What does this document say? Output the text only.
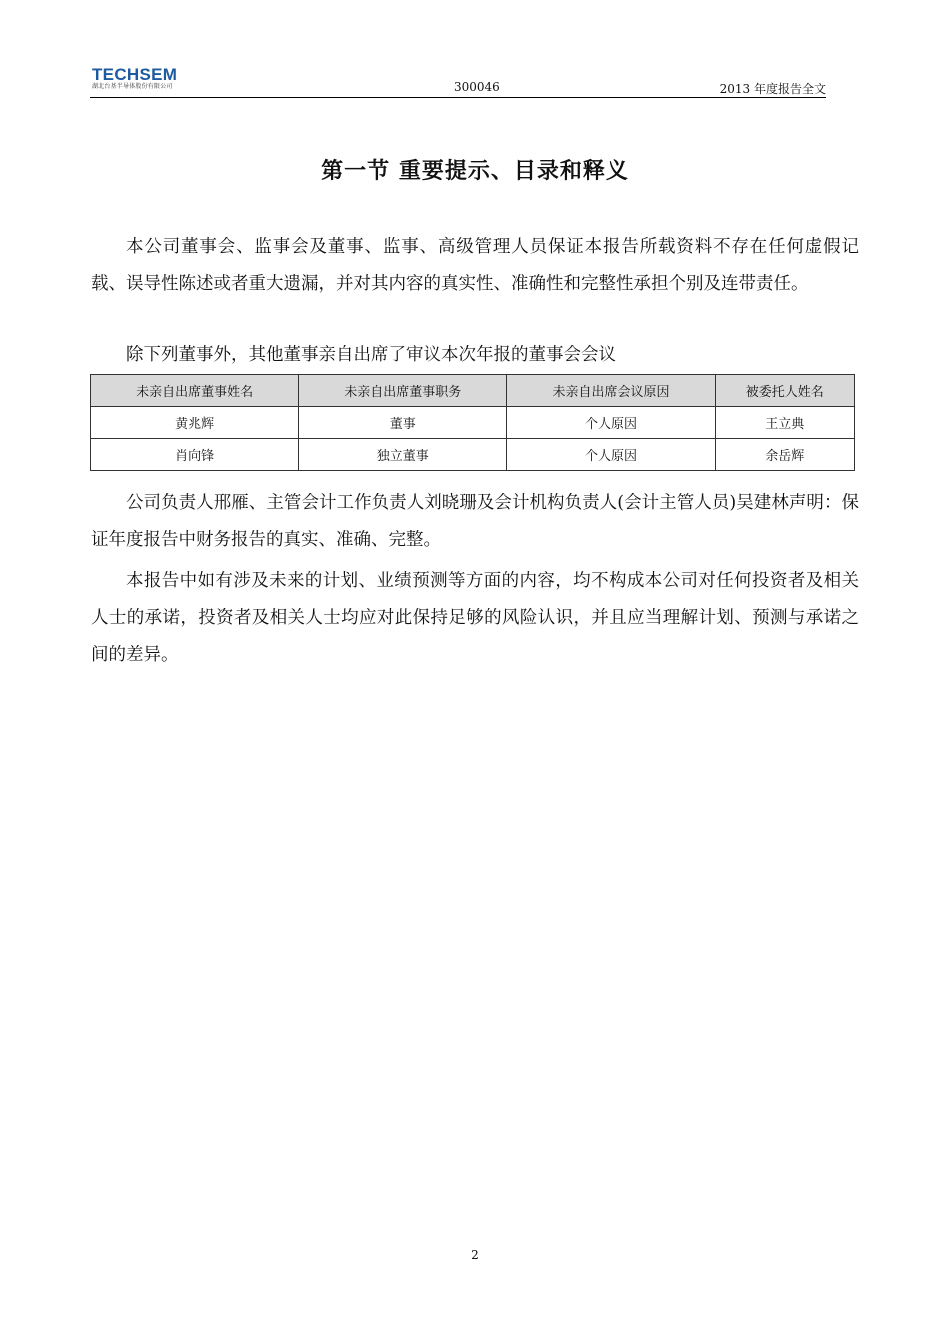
TECHSEM
湖北台基半导体股份有限公司	300046	2013 年度报告全文
第一节 重要提示、目录和释义

本公司董事会、监事会及董事、监事、高级管理人员保证本报告所载资料不存在任何虚假记载、误导性陈述或者重大遗漏，并对其内容的真实性、准确性和完整性承担个别及连带责任。

除下列董事外，其他董事亲自出席了审议本次年报的董事会会议

未亲自出席董事姓名	未亲自出席董事职务	未亲自出席会议原因	被委托人姓名
黄兆辉	董事	个人原因	王立典
肖向锋	独立董事	个人原因	余岳辉

公司负责人邢雁、主管会计工作负责人刘晓珊及会计机构负责人(会计主管人员)吴建林声明：保证年度报告中财务报告的真实、准确、完整。

本报告中如有涉及未来的计划、业绩预测等方面的内容，均不构成本公司对任何投资者及相关人士的承诺，投资者及相关人士均应对此保持足够的风险认识，并且应当理解计划、预测与承诺之间的差异。

2
